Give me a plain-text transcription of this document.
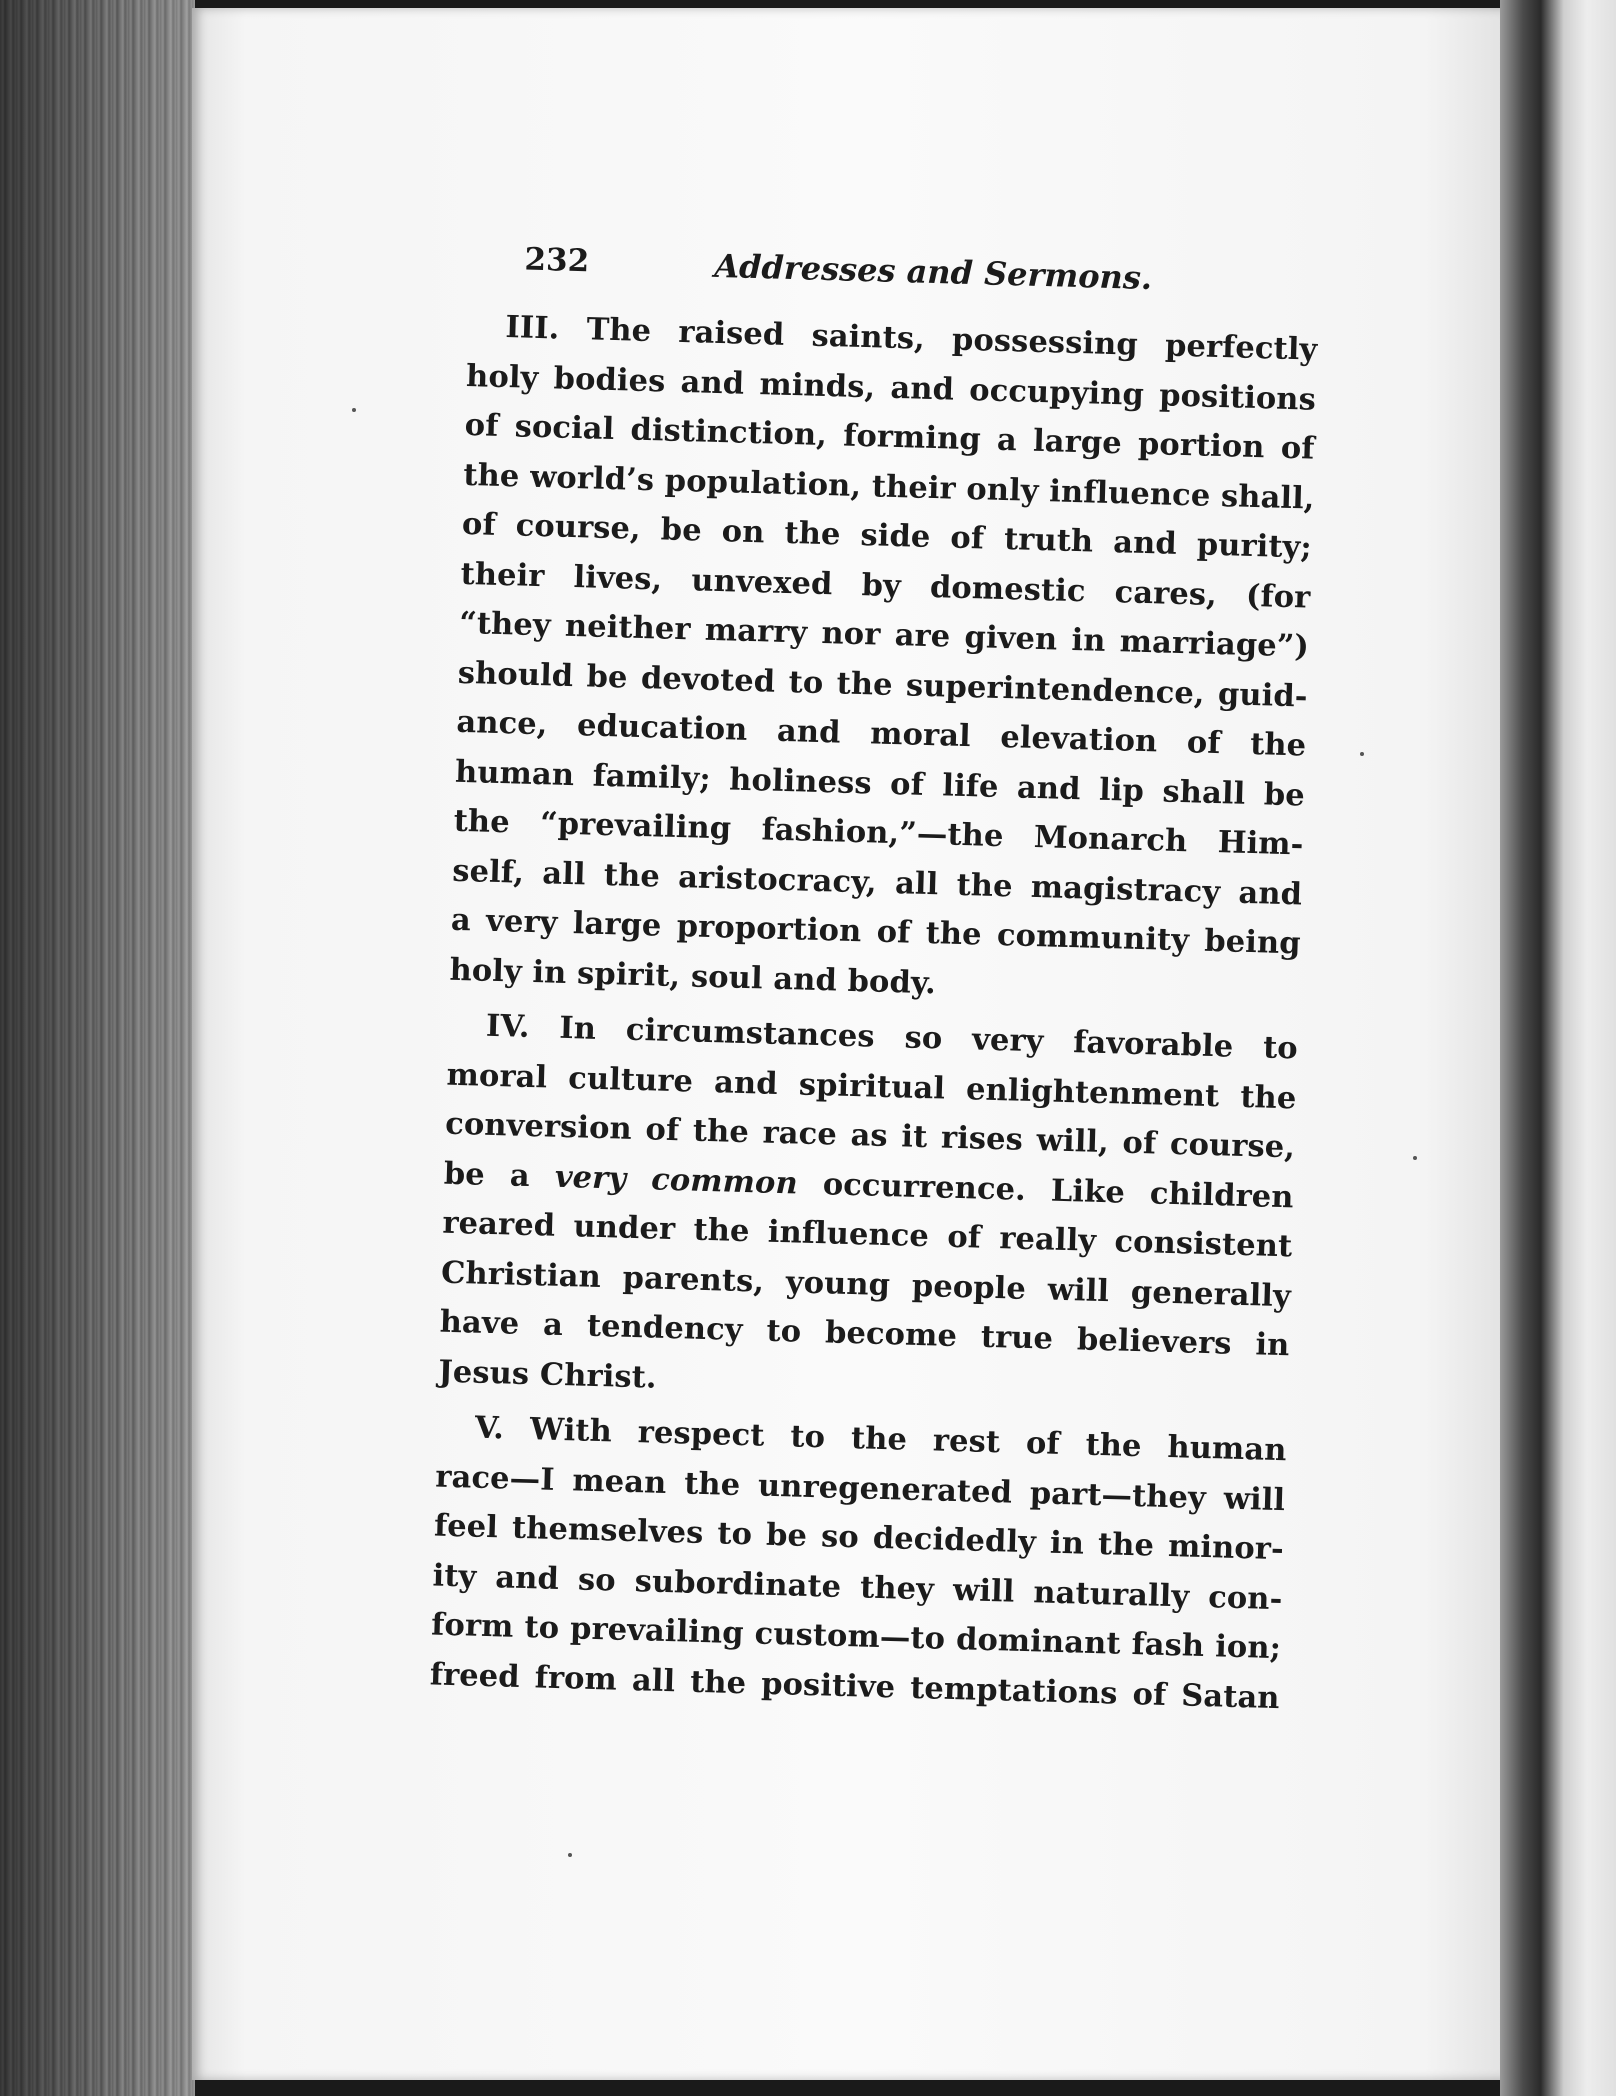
232	Addresses and Sermons.
III. The raised saints, possessing perfectly
holy bodies and minds, and occupying positions
of social distinction, forming a large portion of
the world’s population, their only influence shall,
of course, be on the side of truth and purity;
their lives, unvexed by domestic cares, (for
“they neither marry nor are given in marriage”)
should be devoted to the superintendence, guid-
ance, education and moral elevation of the
human family; holiness of life and lip shall be
the “prevailing fashion,”—the Monarch Him-
self, all the aristocracy, all the magistracy and
a very large proportion of the community being
holy in spirit, soul and body.
IV. In circumstances so very favorable to
moral culture and spiritual enlightenment the
conversion of the race as it rises will, of course,
be a very common occurrence. Like children
reared under the influence of really consistent
Christian parents, young people will generally
have a tendency to become true believers in
Jesus Christ.
V. With respect to the rest of the human
race—I mean the unregenerated part—they will
feel themselves to be so decidedly in the minor-
ity and so subordinate they will naturally con-
form to prevailing custom—to dominant fash ion;
freed from all the positive temptations of Satan
